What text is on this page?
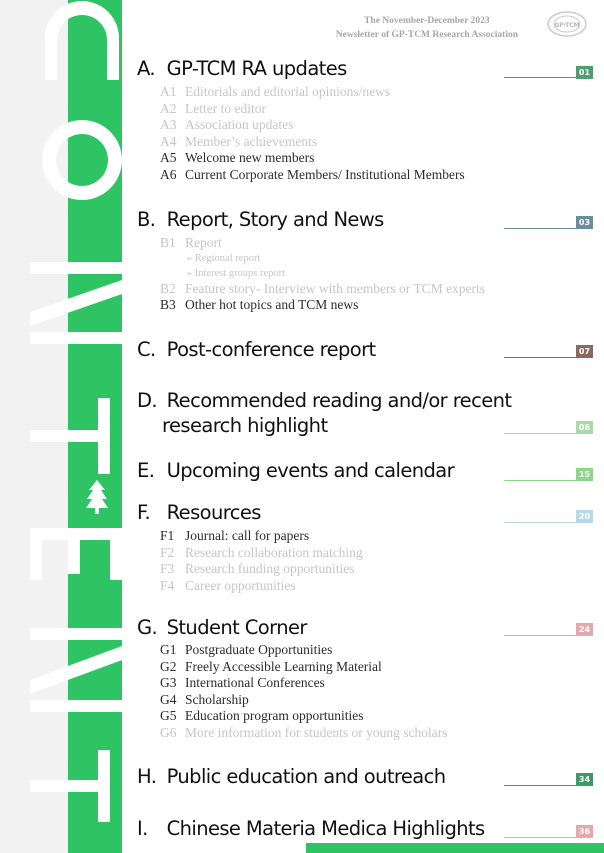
The November-December 2023
Newsletter of GP-TCM Research Association
GP-TCM
A. GP-TCM RA updates	01
A1 Editorials and editorial opinions/news
A2 Letter to editor
A3 Association updates
A4 Member’s achievements
A5 Welcome new members
A6 Current Corporate Members/ Institutional Members
B. Report, Story and News	03
B1 Report
➢ Regional report
➢ Interest groups report
B2 Feature story- Interview with members or TCM experts
B3 Other hot topics and TCM news
C. Post-conference report	07
D. Recommended reading and/or recent
research highlight	08
E. Upcoming events and calendar	15
F. Resources	20
F1 Journal: call for papers
F2 Research collaboration matching
F3 Research funding opportunities
F4 Career opportunities
G. Student Corner	24
G1 Postgraduate Opportunities
G2 Freely Accessible Learning Material
G3 International Conferences
G4 Scholarship
G5 Education program opportunities
G6 More information for students or young scholars
H. Public education and outreach	34
I. Chinese Materia Medica Highlights	36
